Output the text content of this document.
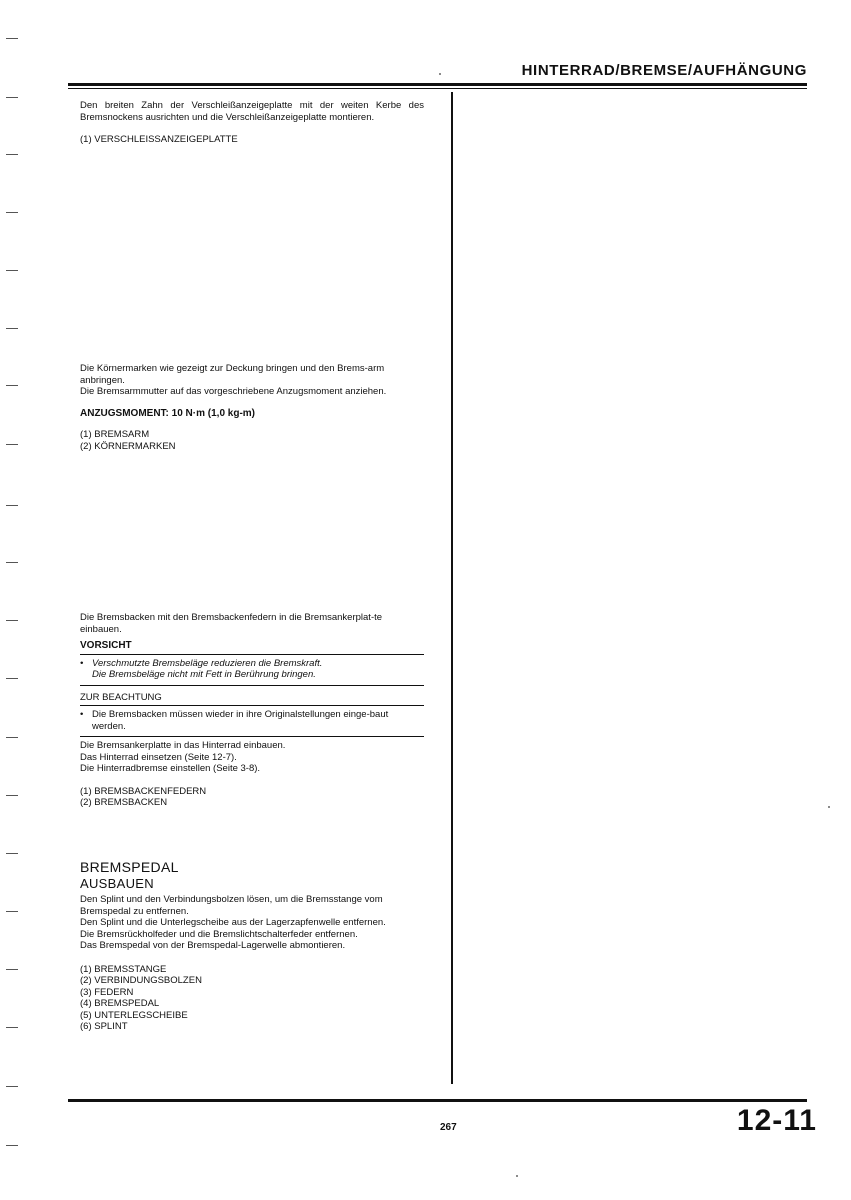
HINTERRAD/BREMSE/AUFHÄNGUNG

Den breiten Zahn der Verschleißanzeigeplatte mit der weiten Kerbe des Bremsnockens ausrichten und die Verschleißanzeigeplatte montieren.

(1) VERSCHLEISSANZEIGEPLATTE

Die Körnermarken wie gezeigt zur Deckung bringen und den Brems-arm anbringen.

Die Bremsarmmutter auf das vorgeschriebene Anzugsmoment anziehen.

ANZUGSMOMENT: 10 N·m (1,0 kg-m)

(1) BREMSARM

(2) KÖRNERMARKEN

Die Bremsbacken mit den Bremsbackenfedern in die Bremsankerplat-te einbauen.

VORSICHT

• Verschmutzte Bremsbeläge reduzieren die Bremskraft.

Die Bremsbeläge nicht mit Fett in Berührung bringen.

ZUR BEACHTUNG

• Die Bremsbacken müssen wieder in ihre Originalstellungen einge-baut werden.

Die Bremsankerplatte in das Hinterrad einbauen.

Das Hinterrad einsetzen (Seite 12-7).

Die Hinterradbremse einstellen (Seite 3-8).

(1) BREMSBACKENFEDERN

(2) BREMSBACKEN

BREMSPEDAL

AUSBAUEN

Den Splint und den Verbindungsbolzen lösen, um die Bremsstange vom Bremspedal zu entfernen.

Den Splint und die Unterlegscheibe aus der Lagerzapfenwelle entfernen.

Die Bremsrückholfeder und die Bremslichtschalterfeder entfernen.

Das Bremspedal von der Bremspedal-Lagerwelle abmontieren.

(1) BREMSSTANGE

(2) VERBINDUNGSBOLZEN

(3) FEDERN

(4) BREMSPEDAL

(5) UNTERLEGSCHEIBE

(6) SPLINT

267	12-11
